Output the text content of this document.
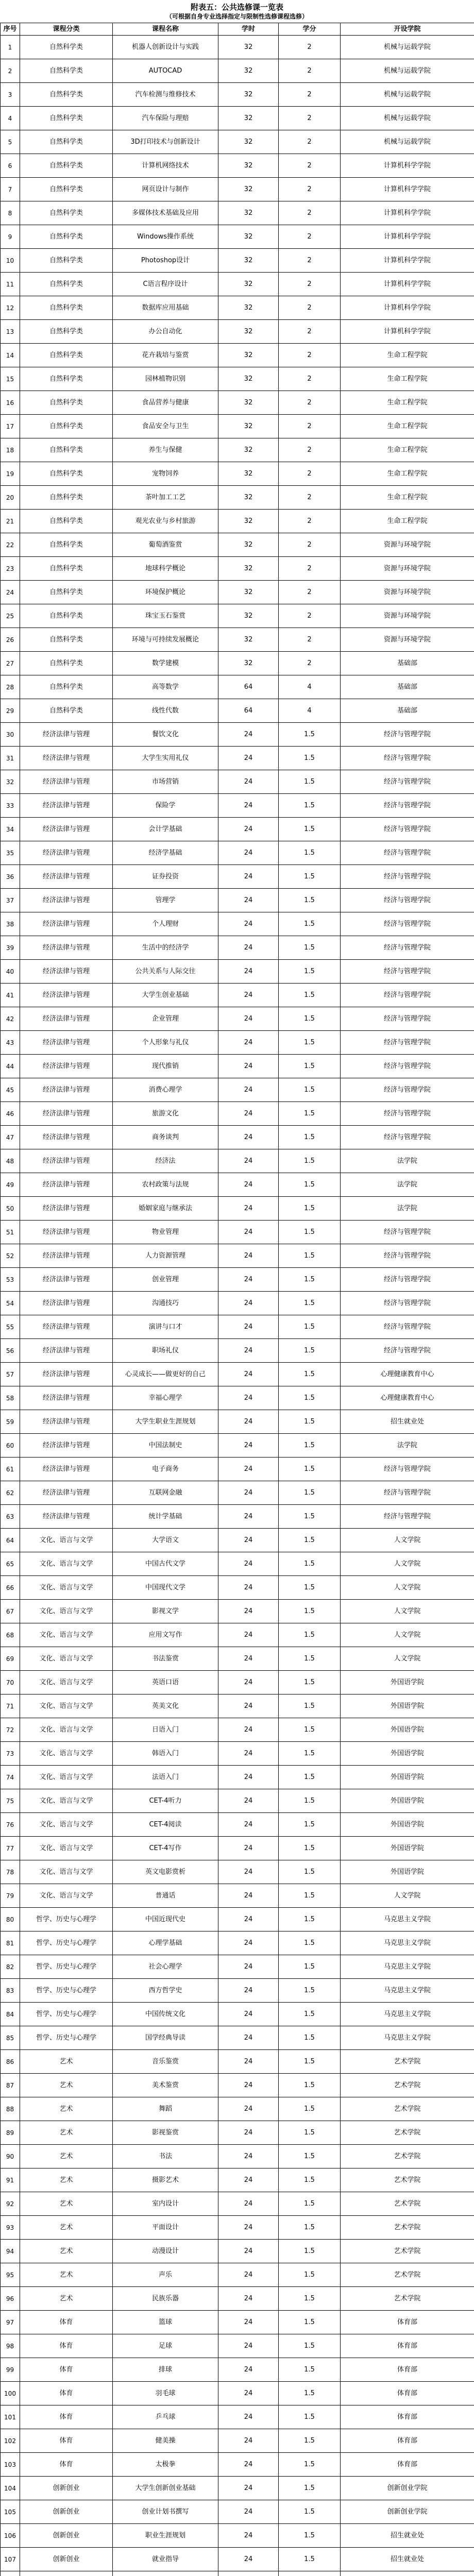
附表五：公共选修课一览表
（可根据自身专业选择指定与限制性选修课程选修）
序号	课程分类	课程名称	学时	学分	开设学院
1	自然科学类	机器人创新设计与实践	32	2	机械与运载学院
2	自然科学类	AUTOCAD	32	2	机械与运载学院
3	自然科学类	汽车检测与维修技术	32	2	机械与运载学院
4	自然科学类	汽车保险与理赔	32	2	机械与运载学院
5	自然科学类	3D打印技术与创新设计	32	2	机械与运载学院
6	自然科学类	计算机网络技术	32	2	计算机科学学院
7	自然科学类	网页设计与制作	32	2	计算机科学学院
8	自然科学类	多媒体技术基础及应用	32	2	计算机科学学院
9	自然科学类	Windows操作系统	32	2	计算机科学学院
10	自然科学类	Photoshop设计	32	2	计算机科学学院
11	自然科学类	C语言程序设计	32	2	计算机科学学院
12	自然科学类	数据库应用基础	32	2	计算机科学学院
13	自然科学类	办公自动化	32	2	计算机科学学院
14	自然科学类	花卉栽培与鉴赏	32	2	生命工程学院
15	自然科学类	园林植物识别	32	2	生命工程学院
16	自然科学类	食品营养与健康	32	2	生命工程学院
17	自然科学类	食品安全与卫生	32	2	生命工程学院
18	自然科学类	养生与保健	32	2	生命工程学院
19	自然科学类	宠物饲养	32	2	生命工程学院
20	自然科学类	茶叶加工工艺	32	2	生命工程学院
21	自然科学类	观光农业与乡村旅游	32	2	生命工程学院
22	自然科学类	葡萄酒鉴赏	32	2	资源与环境学院
23	自然科学类	地球科学概论	32	2	资源与环境学院
24	自然科学类	环境保护概论	32	2	资源与环境学院
25	自然科学类	珠宝玉石鉴赏	32	2	资源与环境学院
26	自然科学类	环境与可持续发展概论	32	2	资源与环境学院
27	自然科学类	数学建模	32	2	基础部
28	自然科学类	高等数学	64	4	基础部
29	自然科学类	线性代数	64	4	基础部
30	经济法律与管理	餐饮文化	24	1.5	经济与管理学院
31	经济法律与管理	大学生实用礼仪	24	1.5	经济与管理学院
32	经济法律与管理	市场营销	24	1.5	经济与管理学院
33	经济法律与管理	保险学	24	1.5	经济与管理学院
34	经济法律与管理	会计学基础	24	1.5	经济与管理学院
35	经济法律与管理	经济学基础	24	1.5	经济与管理学院
36	经济法律与管理	证券投资	24	1.5	经济与管理学院
37	经济法律与管理	管理学	24	1.5	经济与管理学院
38	经济法律与管理	个人理财	24	1.5	经济与管理学院
39	经济法律与管理	生活中的经济学	24	1.5	经济与管理学院
40	经济法律与管理	公共关系与人际交往	24	1.5	经济与管理学院
41	经济法律与管理	大学生创业基础	24	1.5	经济与管理学院
42	经济法律与管理	企业管理	24	1.5	经济与管理学院
43	经济法律与管理	个人形象与礼仪	24	1.5	经济与管理学院
44	经济法律与管理	现代推销	24	1.5	经济与管理学院
45	经济法律与管理	消费心理学	24	1.5	经济与管理学院
46	经济法律与管理	旅游文化	24	1.5	经济与管理学院
47	经济法律与管理	商务谈判	24	1.5	经济与管理学院
48	经济法律与管理	经济法	24	1.5	法学院
49	经济法律与管理	农村政策与法规	24	1.5	法学院
50	经济法律与管理	婚姻家庭与继承法	24	1.5	法学院
51	经济法律与管理	物业管理	24	1.5	经济与管理学院
52	经济法律与管理	人力资源管理	24	1.5	经济与管理学院
53	经济法律与管理	创业管理	24	1.5	经济与管理学院
54	经济法律与管理	沟通技巧	24	1.5	经济与管理学院
55	经济法律与管理	演讲与口才	24	1.5	经济与管理学院
56	经济法律与管理	职场礼仪	24	1.5	经济与管理学院
57	经济法律与管理	心灵成长——做更好的自己	24	1.5	心理健康教育中心
58	经济法律与管理	幸福心理学	24	1.5	心理健康教育中心
59	经济法律与管理	大学生职业生涯规划	24	1.5	招生就业处
60	经济法律与管理	中国法制史	24	1.5	法学院
61	经济法律与管理	电子商务	24	1.5	经济与管理学院
62	经济法律与管理	互联网金融	24	1.5	经济与管理学院
63	经济法律与管理	统计学基础	24	1.5	经济与管理学院
64	文化、语言与文学	大学语文	24	1.5	人文学院
65	文化、语言与文学	中国古代文学	24	1.5	人文学院
66	文化、语言与文学	中国现代文学	24	1.5	人文学院
67	文化、语言与文学	影视文学	24	1.5	人文学院
68	文化、语言与文学	应用文写作	24	1.5	人文学院
69	文化、语言与文学	书法鉴赏	24	1.5	人文学院
70	文化、语言与文学	英语口语	24	1.5	外国语学院
71	文化、语言与文学	英美文化	24	1.5	外国语学院
72	文化、语言与文学	日语入门	24	1.5	外国语学院
73	文化、语言与文学	韩语入门	24	1.5	外国语学院
74	文化、语言与文学	法语入门	24	1.5	外国语学院
75	文化、语言与文学	CET-4听力	24	1.5	外国语学院
76	文化、语言与文学	CET-4阅读	24	1.5	外国语学院
77	文化、语言与文学	CET-4写作	24	1.5	外国语学院
78	文化、语言与文学	英文电影赏析	24	1.5	外国语学院
79	文化、语言与文学	普通话	24	1.5	人文学院
80	哲学、历史与心理学	中国近现代史	24	1.5	马克思主义学院
81	哲学、历史与心理学	心理学基础	24	1.5	马克思主义学院
82	哲学、历史与心理学	社会心理学	24	1.5	马克思主义学院
83	哲学、历史与心理学	西方哲学史	24	1.5	马克思主义学院
84	哲学、历史与心理学	中国传统文化	24	1.5	马克思主义学院
85	哲学、历史与心理学	国学经典导读	24	1.5	马克思主义学院
86	艺术	音乐鉴赏	24	1.5	艺术学院
87	艺术	美术鉴赏	24	1.5	艺术学院
88	艺术	舞蹈	24	1.5	艺术学院
89	艺术	影视鉴赏	24	1.5	艺术学院
90	艺术	书法	24	1.5	艺术学院
91	艺术	摄影艺术	24	1.5	艺术学院
92	艺术	室内设计	24	1.5	艺术学院
93	艺术	平面设计	24	1.5	艺术学院
94	艺术	动漫设计	24	1.5	艺术学院
95	艺术	声乐	24	1.5	艺术学院
96	艺术	民族乐器	24	1.5	艺术学院
97	体育	篮球	24	1.5	体育部
98	体育	足球	24	1.5	体育部
99	体育	排球	24	1.5	体育部
100	体育	羽毛球	24	1.5	体育部
101	体育	乒乓球	24	1.5	体育部
102	体育	健美操	24	1.5	体育部
103	体育	太极拳	24	1.5	体育部
104	创新创业	大学生创新创业基础	24	1.5	创新创业学院
105	创新创业	创业计划书撰写	24	1.5	创新创业学院
106	创新创业	职业生涯规划	24	1.5	招生就业处
107	创新创业	就业指导	24	1.5	招生就业处
